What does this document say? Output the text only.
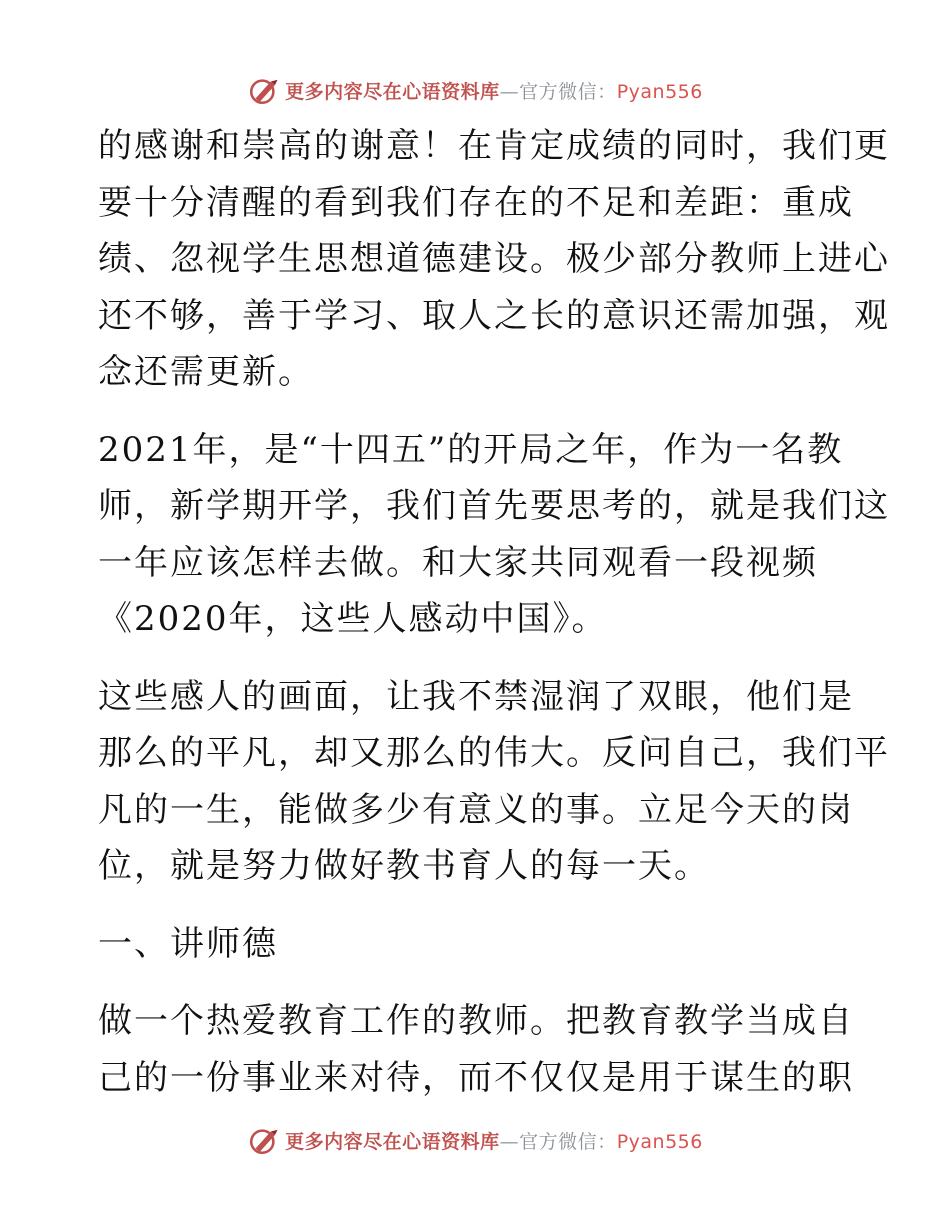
更多内容尽在心语资料库—官方微信：Pyan556

的感谢和崇高的谢意！在肯定成绩的同时，我们更
要十分清醒的看到我们存在的不足和差距：重成
绩、忽视学生思想道德建设。极少部分教师上进心
还不够，善于学习、取人之长的意识还需加强，观
念还需更新。

2021年，是“十四五”的开局之年，作为一名教
师，新学期开学，我们首先要思考的，就是我们这
一年应该怎样去做。和大家共同观看一段视频
《2020年，这些人感动中国》。

这些感人的画面，让我不禁湿润了双眼，他们是
那么的平凡，却又那么的伟大。反问自己，我们平
凡的一生，能做多少有意义的事。立足今天的岗
位，就是努力做好教书育人的每一天。

一、讲师德

做一个热爱教育工作的教师。把教育教学当成自
己的一份事业来对待，而不仅仅是用于谋生的职

更多内容尽在心语资料库—官方微信：Pyan556
